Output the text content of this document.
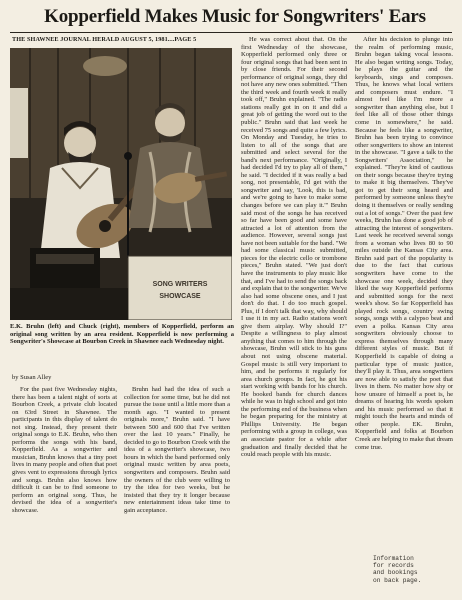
Kopperfield Makes Music for Songwriters' Ears
THE SHAWNEE JOURNAL HERALD AUGUST 5, 1981....PAGE 5
SONG WRITERS
SHOWCASE
E.K. Bruhn (left) and Chuck (right), members of Kopperfield, perform an original song written by an area resident. Kopperfield is now performing a Songwriter's Showcase at Bourbon Creek in Shawnee each Wednesday night.
by Susan Alley

For the past five Wednesday nights, there has been a talent night of sorts at Bourbon Creek, a private club located on 63rd Street in Shawnee. The participants in this display of talent do not sing. Instead, they present their original songs to E.K. Bruhn, who then performs the songs with his band, Kopperfield. As a songwriter and musician, Bruhn knows that a tiny poet lives in many people and often that poet gives vent to expressions through lyrics and songs. Bruhn also knows how difficult it can be to find someone to perform an original song. Thus, he devised the idea of a songwriter's showcase.

Bruhn had had the idea of such a collection for some time, but he did not pursue the issue until a little more than a month ago. "I wanted to present originals more," Bruhn said. "I have between 500 and 600 that I've written over the last 10 years." Finally, he decided to go to Bourbon Creek with the idea of a songwriter's showcase, two hours in which the band performed only original music written by area poets, songwriters and composers. Bruhn said the owners of the club were willing to try the idea for two weeks, but he insisted that they try it longer because new entertainment ideas take time to gain acceptance.

He was correct about that. On the first Wednesday of the showcase, Kopperfield performed only three or four original songs that had been sent in by close friends. For their second performance of original songs, they did not have any new ones submitted. "Then the third week and fourth week it really took off," Bruhn explained. "The radio stations really got in on it and did a great job of getting the word out to the public." Bruhn said that last week he received 75 songs and quite a few lyrics. On Monday and Tuesday, he tries to listen to all of the songs that are submitted and select several for the band's next performance. "Originally, I had decided I'd try to play all of them," he said. "I decided if it was really a bad song, not presentable, I'd get with the songwriter and say, 'Look, this is bad, and we're going to have to make some changes before we can play it.'" Bruhn said most of the songs he has received so far have been good and some have attracted a lot of attention from the audience. However, several songs just have not been suitable for the band. "We had some classical music submitted, pieces for the electric cello or trombone pieces," Bruhn stated. "We just don't have the instruments to play music like that, and I've had to send the songs back and explain that to the songwriter. We've also had some obscene ones, and I just don't do that. I do too much gospel. Plus, if I don't talk that way, why should I use it in my act. Radio stations won't give them airplay. Why should I?" Despite a willingness to play almost anything that comes to him through the showcase, Bruhn will stick to his guns about not using obscene material. Gospel music is still very important to him, and he performs it regularly for area church groups. In fact, he got his start working with bands for his church. He booked bands for church dances while he was in high school and got into the performing end of the business when he began preparing for the ministry at Phillips University. He began performing with a group in college, was an associate pastor for a while after graduation and finally decided that he could reach people with his music.

After his decision to plunge into the realm of performing music, Bruhn began taking vocal lessons. He also began writing songs. Today, he plays the guitar and the keyboards, sings and composes. Thus, he knows what local writers and composers must endure. "I almost feel like I'm more a songwriter than anything else, but I feel like all of those other things come in somewhere," he said. Because he feels like a songwriter, Bruhn has been trying to convince other songwriters to show an interest in the showcase. "I gave a talk to the Songwriters' Association," he explained. "They're kind of cautious on their songs because they're trying to make it big themselves. They've got to get their song heard and performed by someone unless they're doing it themselves or really sending out a lot of songs." Over the past few weeks, Bruhn has done a good job of attracting the interest of songwriters. Last week he received several songs from a woman who lives 80 to 90 miles outside the Kansas City area. Bruhn said part of the popularity is due to the fact that curious songwriters have come to the showcase one week, decided they liked the way Kopperfield performs and submitted songs for the next week's show. So far Kopperfield has played rock songs, country swing songs, songs with a calypso beat and even a polka. Kansas City area songwriters obviously choose to express themselves through many different styles of music. But if Kopperfield is capable of doing a particular type of music justice, they'll play it. Thus, area songwriters are now able to satisfy the poet that lives in them. No matter how shy or how unsure of himself a poet is, he dreams of hearing his words spoken and his music performed so that it might touch the hearts and minds of other people. EK. Bruhn, Kopperfield and folks at Bourbon Creek are helping to make that dream come true.

Information
for records
and bookings
on back page.
